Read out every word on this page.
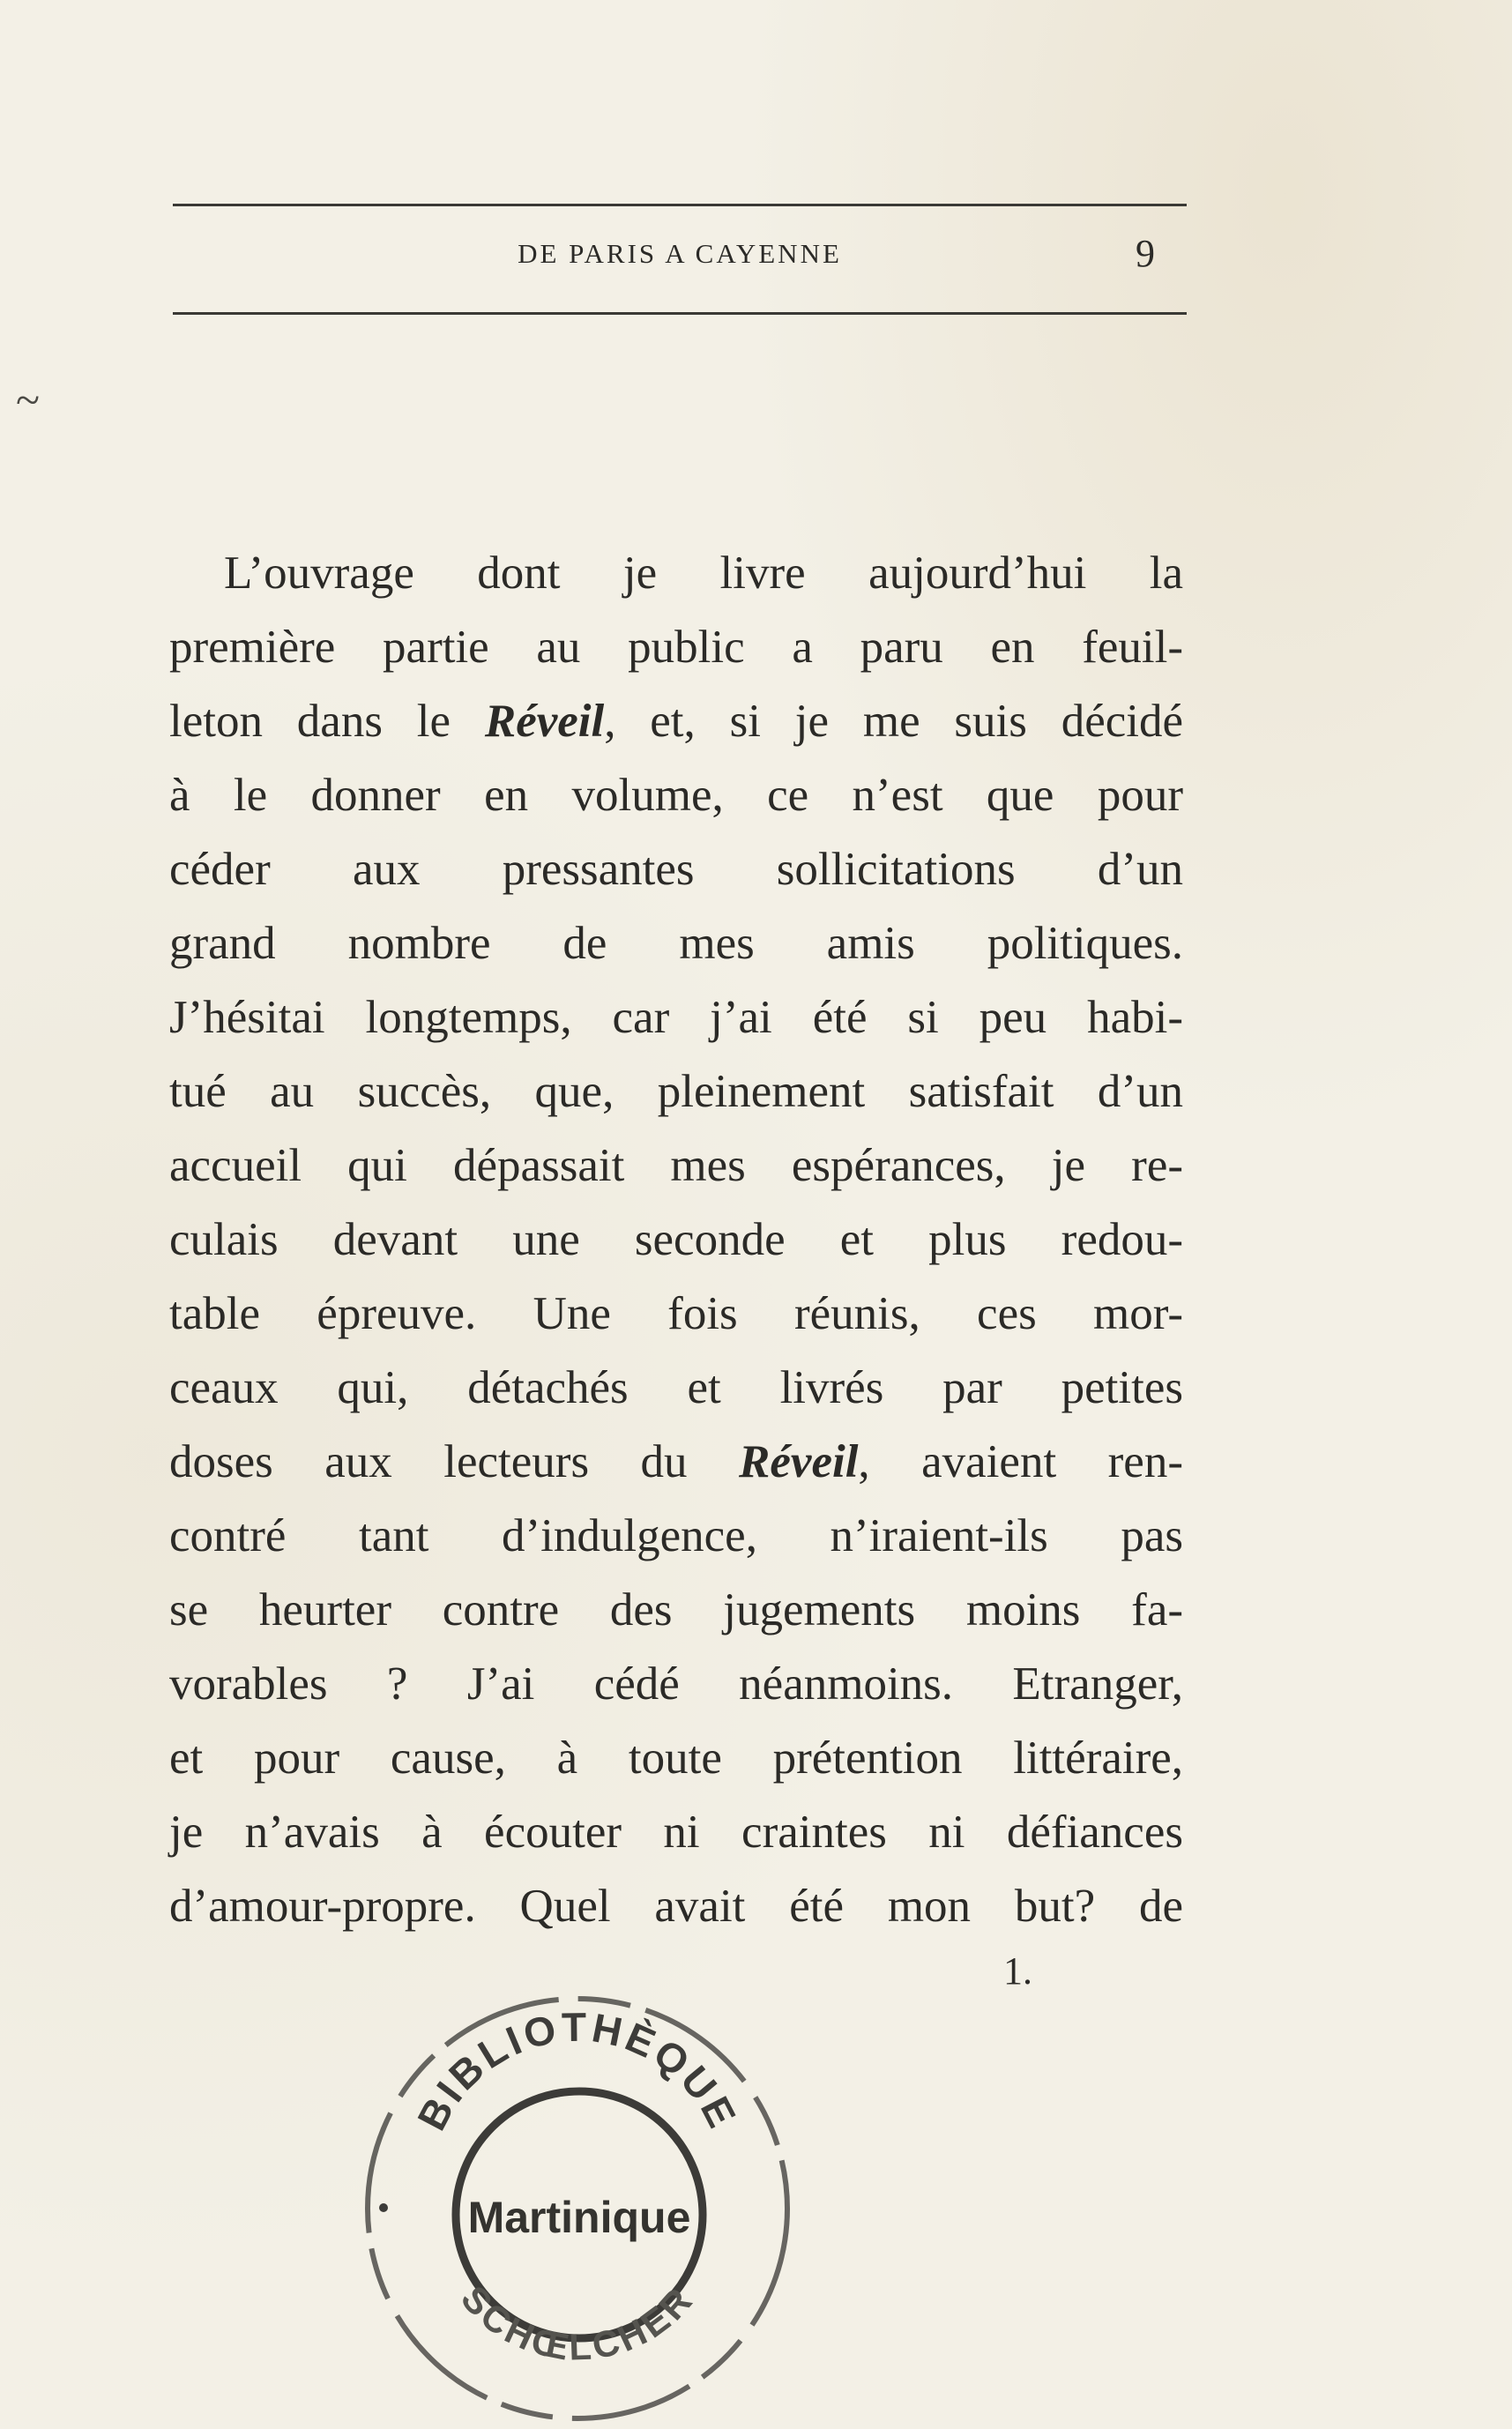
~
DE PARIS A CAYENNE	9
L’ouvrage dont je livre aujourd’hui la
première partie au public a paru en feuil-
leton dans le Réveil, et, si je me suis décidé
à le donner en volume, ce n’est que pour
céder aux pressantes sollicitations d’un
grand nombre de mes amis politiques.
J’hésitai longtemps, car j’ai été si peu habi-
tué au succès, que, pleinement satisfait d’un
accueil qui dépassait mes espérances, je re-
culais devant une seconde et plus redou-
table épreuve. Une fois réunis, ces mor-
ceaux qui, détachés et livrés par petites
doses aux lecteurs du Réveil, avaient ren-
contré tant d’indulgence, n’iraient-ils pas
se heurter contre des jugements moins fa-
vorables ? J’ai cédé néanmoins. Etranger,
et pour cause, à toute prétention littéraire,
je n’avais à écouter ni craintes ni défiances
d’amour-propre. Quel avait été mon but? de
1.
BIBLIOTHÈQUE
Martinique
SCHŒLCHER
